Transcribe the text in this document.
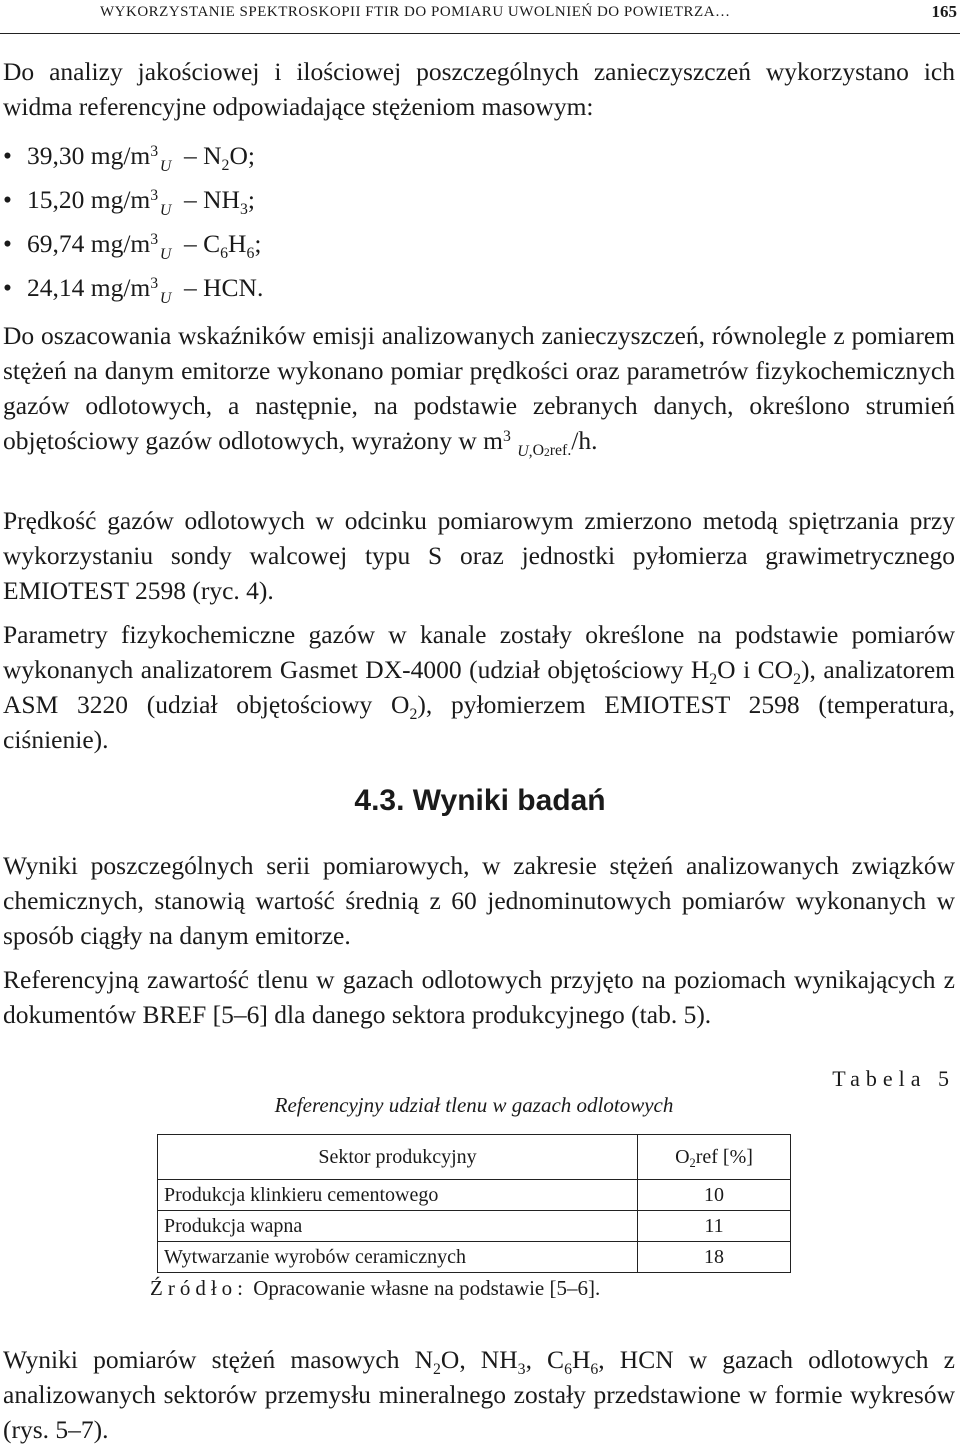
WYKORZYSTANIE SPEKTROSKOPII FTIR DO POMIARU UWOLNIEŃ DO POWIETRZA…	165

Do analizy jakościowej i ilościowej poszczególnych zanieczyszczeń wykorzystano ich widma referencyjne odpowiadające stężeniom masowym:

• 39,30 $mg/m^3$ $_U - N_2O$;
• 15,20 $mg/m^3$ $_U - NH_3$;
• 69,74 $mg/m^3$ $_U - C_6H_6$;
• 24,14 $mg/m^3$ $_U$ – HCN.

Do oszacowania wskaźników emisji analizowanych zanieczyszczeń, równolegle z pomiarem stężeń na danym emitorze wykonano pomiar prędkości oraz parametrów fizykochemicznych gazów odlotowych, a następnie, na podstawie zebranych danych, określono strumień objętościowy gazów odlotowych, wyrażony w $m^3$ $_{U,O2ref.}$/h.

Prędkość gazów odlotowych w odcinku pomiarowym zmierzono metodą spiętrzania przy wykorzystaniu sondy walcowej typu S oraz jednostki pyłomierza grawimetrycznego EMIOTEST 2598 (ryc. 4).

Parametry fizykochemiczne gazów w kanale zostały określone na podstawie pomiarów wykonanych analizatorem Gasmet DX-4000 (udział objętościowy $H_2O$ i $CO_2$), analizatorem ASM 3220 (udział objętościowy $O_2$), pyłomierzem EMIOTEST 2598 (temperatura, ciśnienie).

4.3. Wyniki badań

Wyniki poszczególnych serii pomiarowych, w zakresie stężeń analizowanych związków chemicznych, stanowią wartość średnią z 60 jednominutowych pomiarów wykonanych w sposób ciągły na danym emitorze.

Referencyjną zawartość tlenu w gazach odlotowych przyjęto na poziomach wynikających z dokumentów BREF [5–6] dla danego sektora produkcyjnego (tab. 5).

Tabela 5
Referencyjny udział tlenu w gazach odlotowych
Sektor produkcyjny	$O_2ref$ [%]
Produkcja klinkieru cementowego	10
Produkcja wapna	11
Wytwarzanie wyrobów ceramicznych	18
Źródło: Opracowanie własne na podstawie [5–6].

Wyniki pomiarów stężeń masowych $N_2O$, $NH_3$, $C_6H_6$, HCN w gazach odlotowych z analizowanych sektorów przemysłu mineralnego zostały przedstawione w formie wykresów (rys. 5–7).
